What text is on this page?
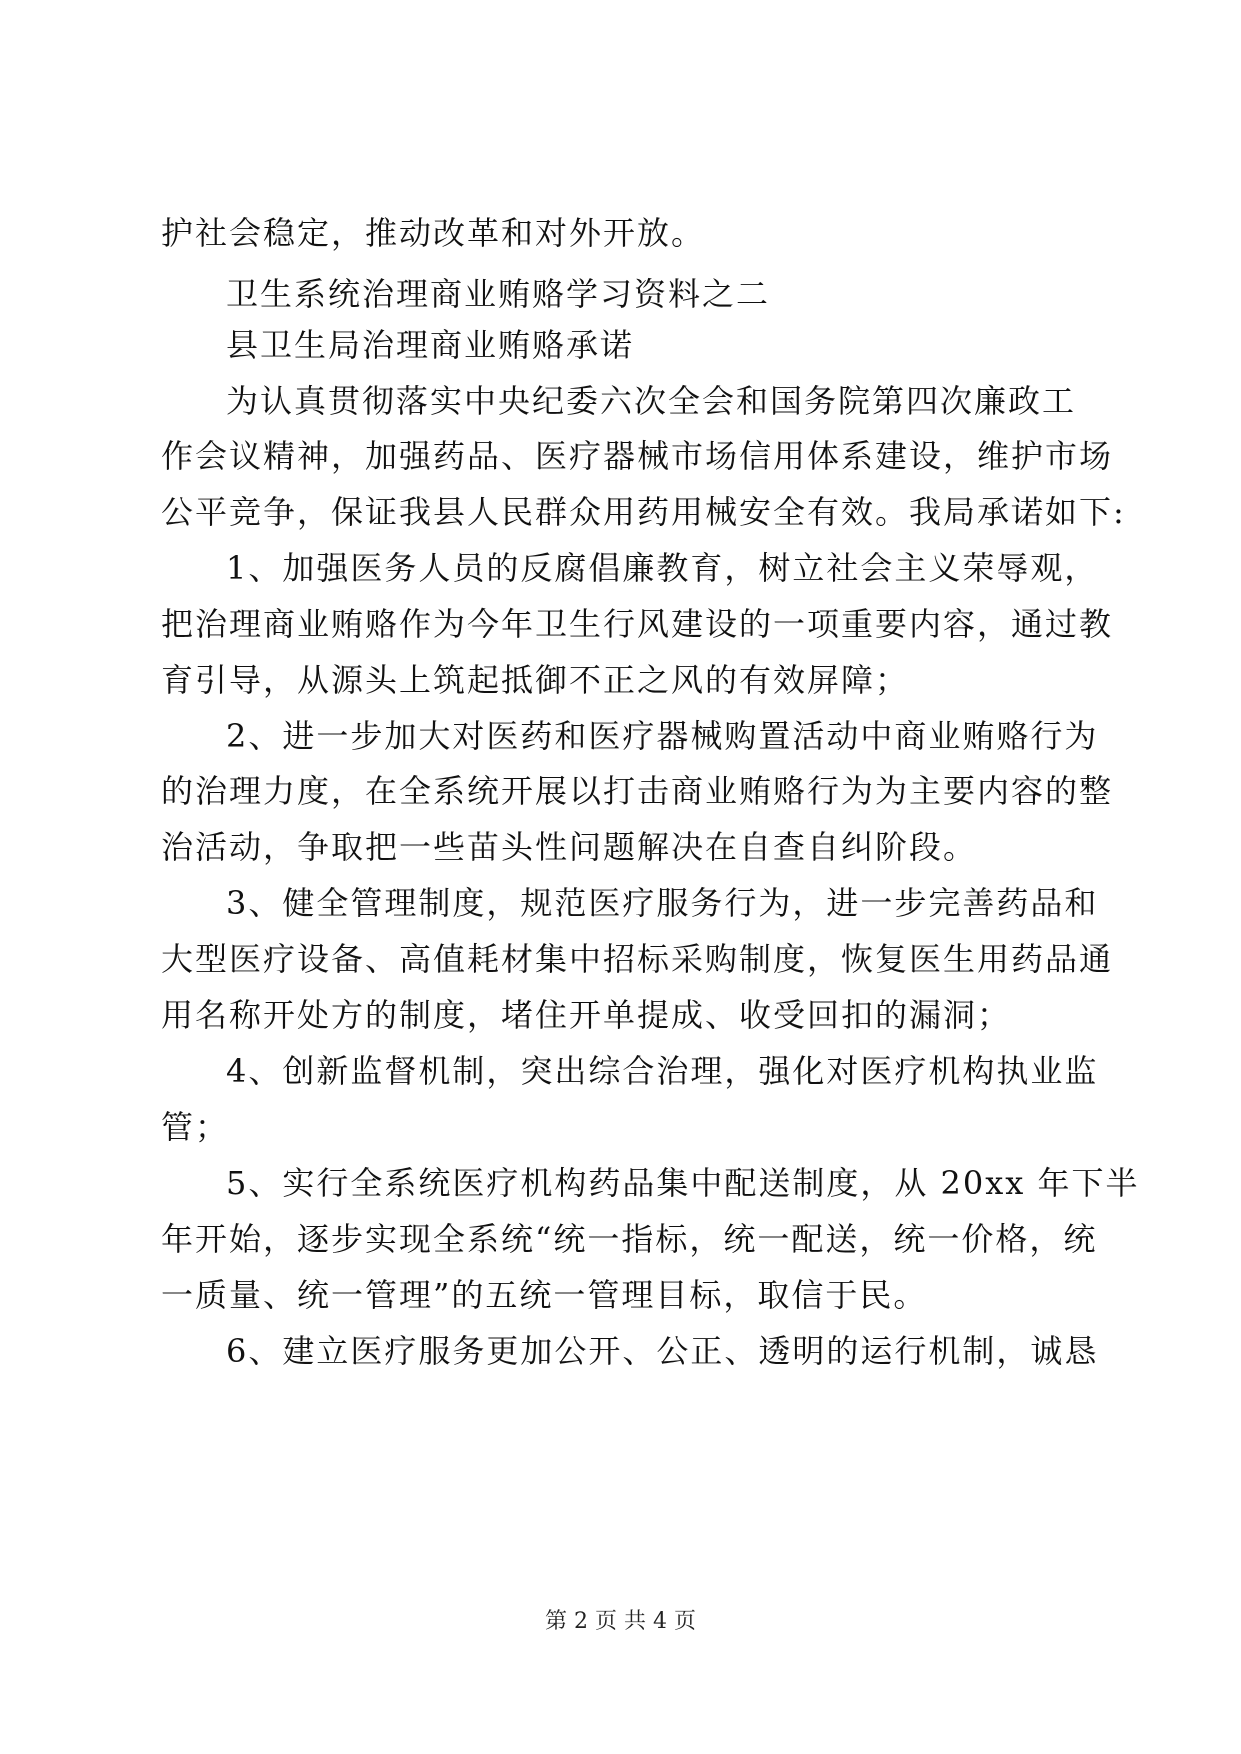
护社会稳定，推动改革和对外开放。
卫生系统治理商业贿赂学习资料之二
县卫生局治理商业贿赂承诺
为认真贯彻落实中央纪委六次全会和国务院第四次廉政工
作会议精神，加强药品、医疗器械市场信用体系建设，维护市场
公平竞争，保证我县人民群众用药用械安全有效。我局承诺如下:
1、加强医务人员的反腐倡廉教育，树立社会主义荣辱观，
把治理商业贿赂作为今年卫生行风建设的一项重要内容，通过教
育引导，从源头上筑起抵御不正之风的有效屏障；
2、进一步加大对医药和医疗器械购置活动中商业贿赂行为
的治理力度，在全系统开展以打击商业贿赂行为为主要内容的整
治活动，争取把一些苗头性问题解决在自查自纠阶段。
3、健全管理制度，规范医疗服务行为，进一步完善药品和
大型医疗设备、高值耗材集中招标采购制度，恢复医生用药品通
用名称开处方的制度，堵住开单提成、收受回扣的漏洞；
4、创新监督机制，突出综合治理，强化对医疗机构执业监
管；
5、实行全系统医疗机构药品集中配送制度，从 20xx 年下半
年开始，逐步实现全系统“统一指标，统一配送，统一价格，统
一质量、统一管理”的五统一管理目标，取信于民。
6、建立医疗服务更加公开、公正、透明的运行机制，诚恳
第 2 页 共 4 页
